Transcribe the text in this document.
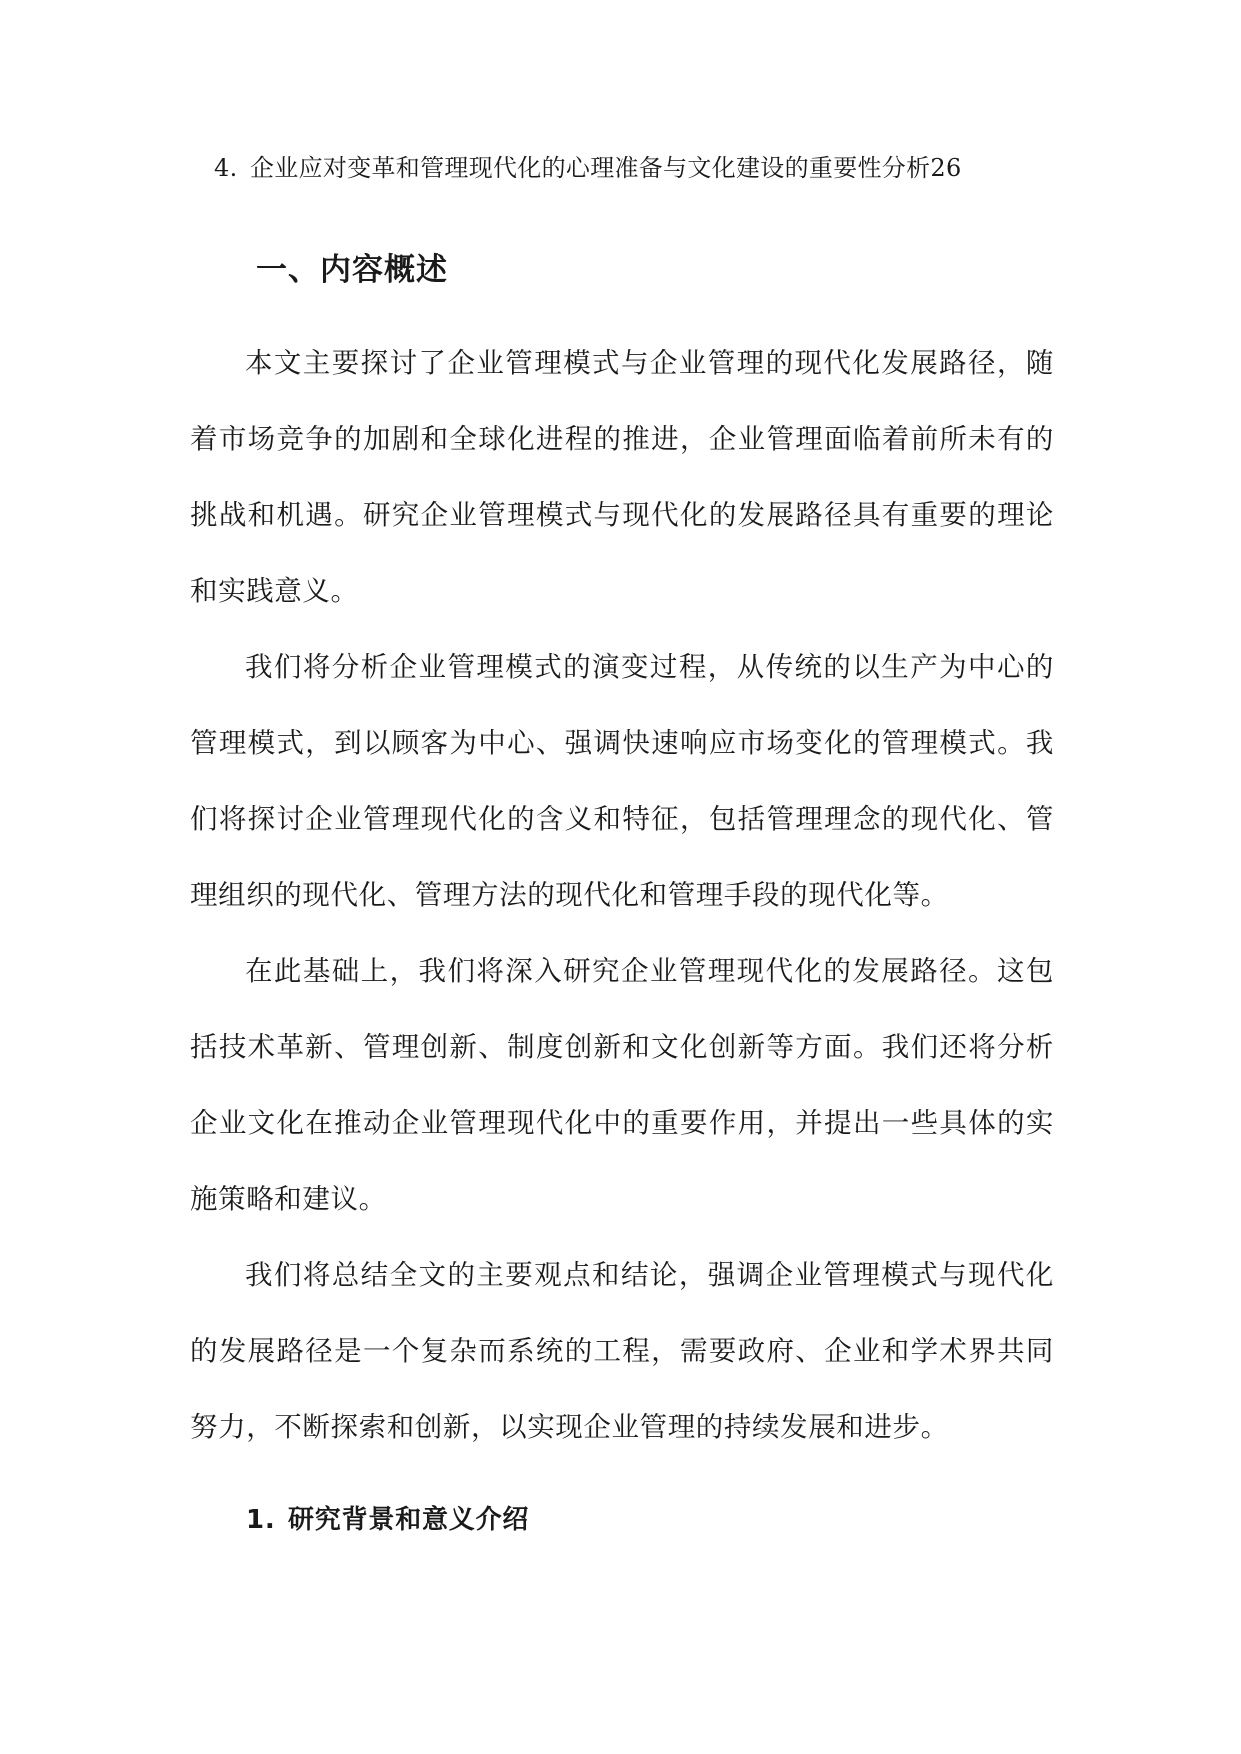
4. 企业应对变革和管理现代化的心理准备与文化建设的重要性分析26
一、内容概述

本文主要探讨了企业管理模式与企业管理的现代化发展路径，随着市场竞争的加剧和全球化进程的推进，企业管理面临着前所未有的挑战和机遇。研究企业管理模式与现代化的发展路径具有重要的理论和实践意义。

我们将分析企业管理模式的演变过程，从传统的以生产为中心的管理模式，到以顾客为中心、强调快速响应市场变化的管理模式。我们将探讨企业管理现代化的含义和特征，包括管理理念的现代化、管理组织的现代化、管理方法的现代化和管理手段的现代化等。

在此基础上，我们将深入研究企业管理现代化的发展路径。这包括技术革新、管理创新、制度创新和文化创新等方面。我们还将分析企业文化在推动企业管理现代化中的重要作用，并提出一些具体的实施策略和建议。

我们将总结全文的主要观点和结论，强调企业管理模式与现代化的发展路径是一个复杂而系统的工程，需要政府、企业和学术界共同努力，不断探索和创新，以实现企业管理的持续发展和进步。

1. 研究背景和意义介绍
